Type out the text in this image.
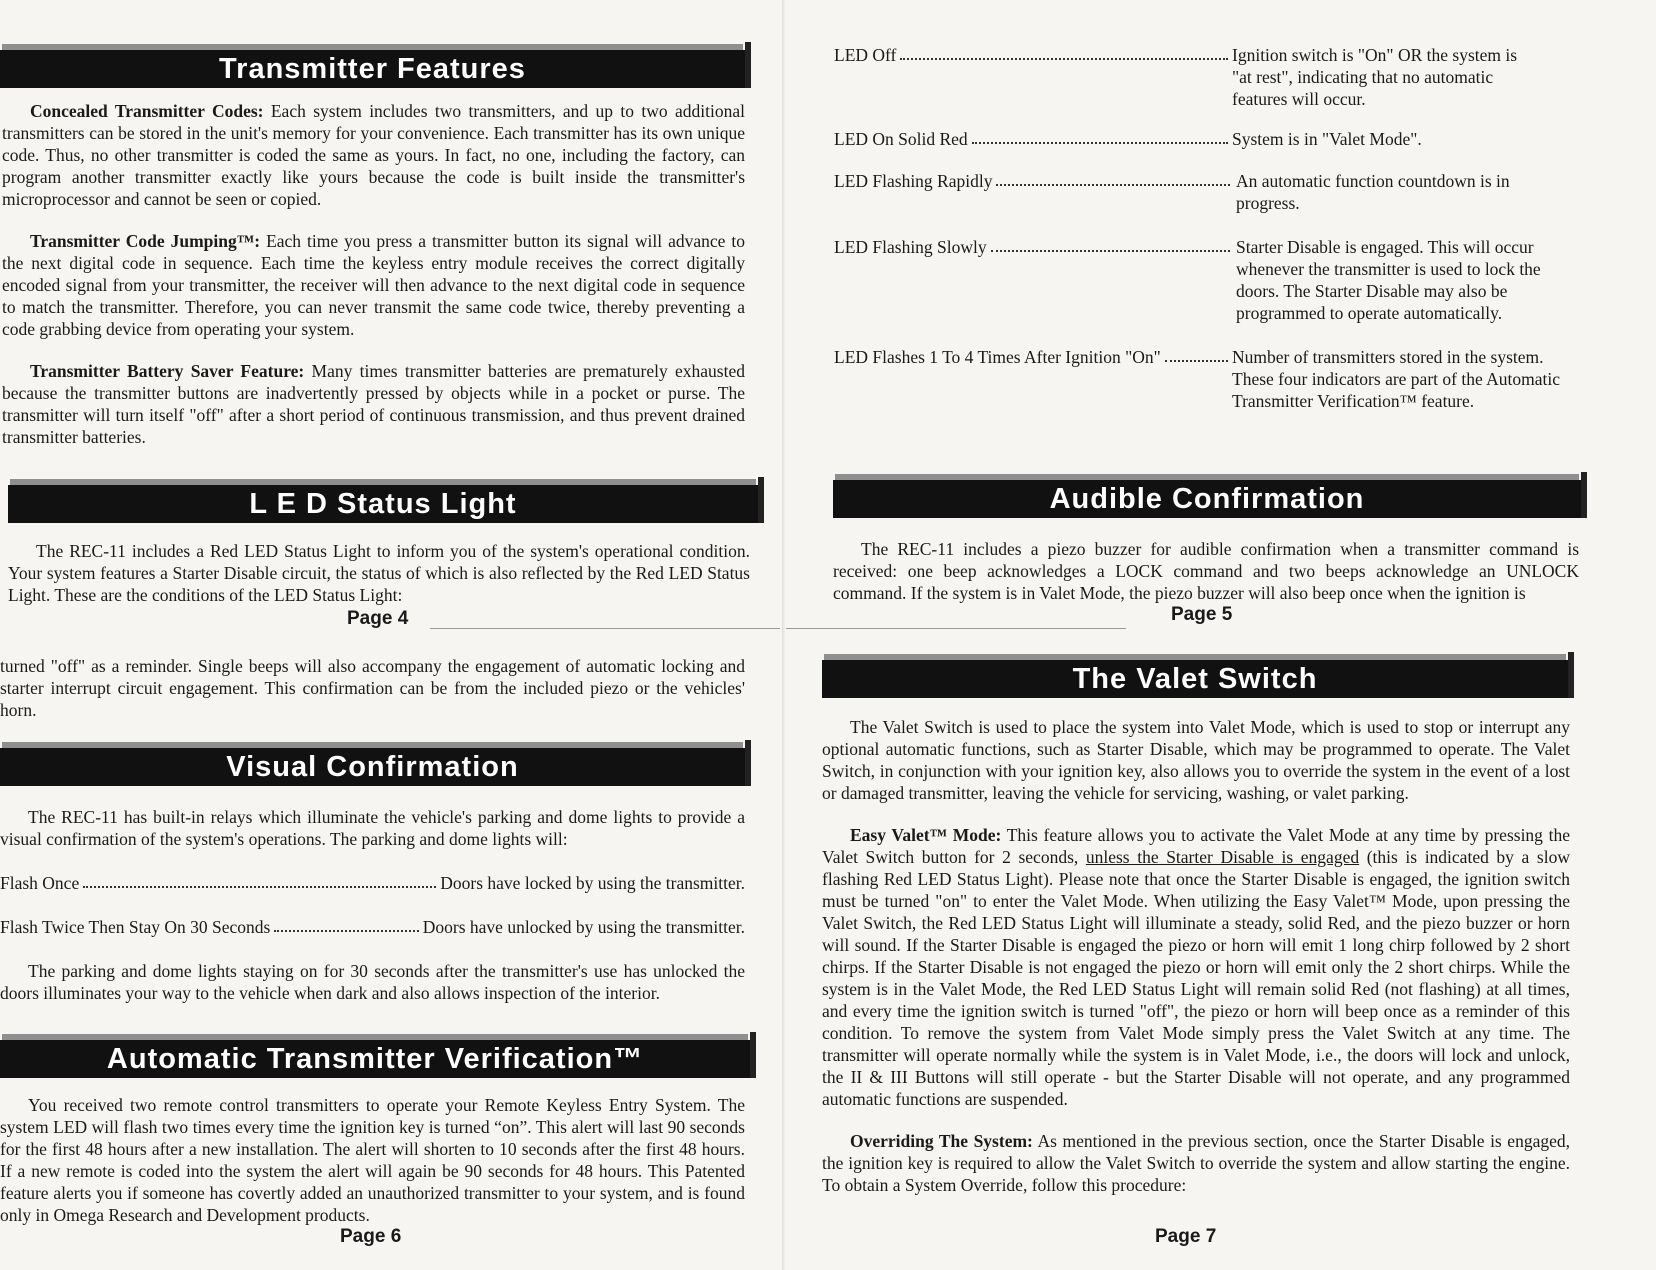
Transmitter Features

Concealed Transmitter Codes: Each system includes two transmitters, and up to two additional transmitters can be stored in the unit's memory for your convenience. Each transmitter has its own unique code. Thus, no other transmitter is coded the same as yours. In fact, no one, including the factory, can program another transmitter exactly like yours because the code is built inside the transmitter's microprocessor and cannot be seen or copied.

Transmitter Code Jumping™: Each time you press a transmitter button its signal will advance to the next digital code in sequence. Each time the keyless entry module receives the correct digitally encoded signal from your transmitter, the receiver will then advance to the next digital code in sequence to match the transmitter. Therefore, you can never transmit the same code twice, thereby preventing a code grabbing device from operating your system.

Transmitter Battery Saver Feature: Many times transmitter batteries are prematurely exhausted because the transmitter buttons are inadvertently pressed by objects while in a pocket or purse. The transmitter will turn itself "off" after a short period of continuous transmission, and thus prevent drained transmitter batteries.

L E D Status Light

The REC-11 includes a Red LED Status Light to inform you of the system's operational condition. Your system features a Starter Disable circuit, the status of which is also reflected by the Red LED Status Light. These are the conditions of the LED Status Light:

Page 4

turned "off" as a reminder. Single beeps will also accompany the engagement of automatic locking and starter interrupt circuit engagement. This confirmation can be from the included piezo or the vehicles' horn.

Visual Confirmation

The REC-11 has built-in relays which illuminate the vehicle's parking and dome lights to provide a visual confirmation of the system's operations. The parking and dome lights will:

Flash Once	Doors have locked by using the transmitter.
Flash Twice Then Stay On 30 Seconds	Doors have unlocked by using the transmitter.

The parking and dome lights staying on for 30 seconds after the transmitter's use has unlocked the doors illuminates your way to the vehicle when dark and also allows inspection of the interior.

Automatic Transmitter Verification™

You received two remote control transmitters to operate your Remote Keyless Entry System. The system LED will flash two times every time the ignition key is turned “on”. This alert will last 90 seconds for the first 48 hours after a new installation. The alert will shorten to 10 seconds after the first 48 hours. If a new remote is coded into the system the alert will again be 90 seconds for 48 hours. This Patented feature alerts you if someone has covertly added an unauthorized transmitter to your system, and is found only in Omega Research and Development products.

Page 6
LED Off	Ignition switch is "On" OR the system is "at rest", indicating that no automatic features will occur.
LED On Solid Red	System is in "Valet Mode".
LED Flashing Rapidly	An automatic function countdown is in progress.
LED Flashing Slowly	Starter Disable is engaged. This will occur whenever the transmitter is used to lock the doors. The Starter Disable may also be programmed to operate automatically.
LED Flashes 1 To 4 Times After Ignition "On"	Number of transmitters stored in the system. These four indicators are part of the Automatic Transmitter Verification™ feature.
Audible Confirmation

The REC-11 includes a piezo buzzer for audible confirmation when a transmitter command is received: one beep acknowledges a LOCK command and two beeps acknowledge an UNLOCK command. If the system is in Valet Mode, the piezo buzzer will also beep once when the ignition is

Page 5
The Valet Switch

The Valet Switch is used to place the system into Valet Mode, which is used to stop or interrupt any optional automatic functions, such as Starter Disable, which may be programmed to operate. The Valet Switch, in conjunction with your ignition key, also allows you to override the system in the event of a lost or damaged transmitter, leaving the vehicle for servicing, washing, or valet parking.

Easy Valet™ Mode: This feature allows you to activate the Valet Mode at any time by pressing the Valet Switch button for 2 seconds, unless the Starter Disable is engaged (this is indicated by a slow flashing Red LED Status Light). Please note that once the Starter Disable is engaged, the ignition switch must be turned "on" to enter the Valet Mode. When utilizing the Easy Valet™ Mode, upon pressing the Valet Switch, the Red LED Status Light will illuminate a steady, solid Red, and the piezo buzzer or horn will sound. If the Starter Disable is engaged the piezo or horn will emit 1 long chirp followed by 2 short chirps. If the Starter Disable is not engaged the piezo or horn will emit only the 2 short chirps. While the system is in the Valet Mode, the Red LED Status Light will remain solid Red (not flashing) at all times, and every time the ignition switch is turned "off", the piezo or horn will beep once as a reminder of this condition. To remove the system from Valet Mode simply press the Valet Switch at any time. The transmitter will operate normally while the system is in Valet Mode, i.e., the doors will lock and unlock, the II & III Buttons will still operate - but the Starter Disable will not operate, and any programmed automatic functions are suspended.

Overriding The System: As mentioned in the previous section, once the Starter Disable is engaged, the ignition key is required to allow the Valet Switch to override the system and allow starting the engine. To obtain a System Override, follow this procedure:

Page 7
